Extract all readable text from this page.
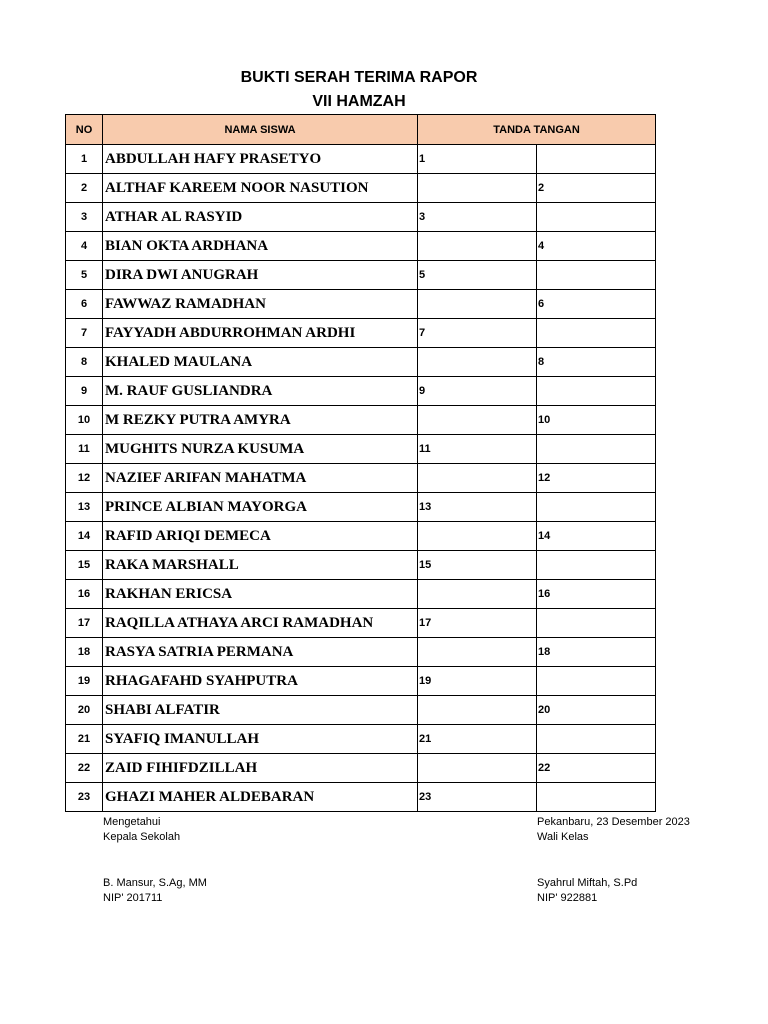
BUKTI SERAH TERIMA RAPOR
VII HAMZAH
NO	NAMA SISWA	TANDA TANGAN	
1	ABDULLAH HAFY PRASETYO	1	
2	ALTHAF KAREEM NOOR NASUTION		2
3	ATHAR AL RASYID	3	
4	BIAN OKTA ARDHANA		4
5	DIRA DWI ANUGRAH	5	
6	FAWWAZ RAMADHAN		6
7	FAYYADH ABDURROHMAN ARDHI	7	
8	KHALED MAULANA		8
9	M. RAUF GUSLIANDRA	9	
10	M REZKY PUTRA AMYRA		10
11	MUGHITS NURZA KUSUMA	11	
12	NAZIEF ARIFAN MAHATMA		12
13	PRINCE ALBIAN MAYORGA	13	
14	RAFID ARIQI DEMECA		14
15	RAKA MARSHALL	15	
16	RAKHAN ERICSA		16
17	RAQILLA ATHAYA ARCI RAMADHAN	17	
18	RASYA SATRIA PERMANA		18
19	RHAGAFAHD SYAHPUTRA	19	
20	SHABI ALFATIR		20
21	SYAFIQ IMANULLAH	21	
22	ZAID FIHIFDZILLAH		22
23	GHAZI MAHER ALDEBARAN	23	
Mengetahui
Kepala Sekolah
B. Mansur, S.Ag, MM
NIP' 201711
Pekanbaru, 23 Desember 2023
Wali Kelas
Syahrul Miftah, S.Pd
NIP' 922881
